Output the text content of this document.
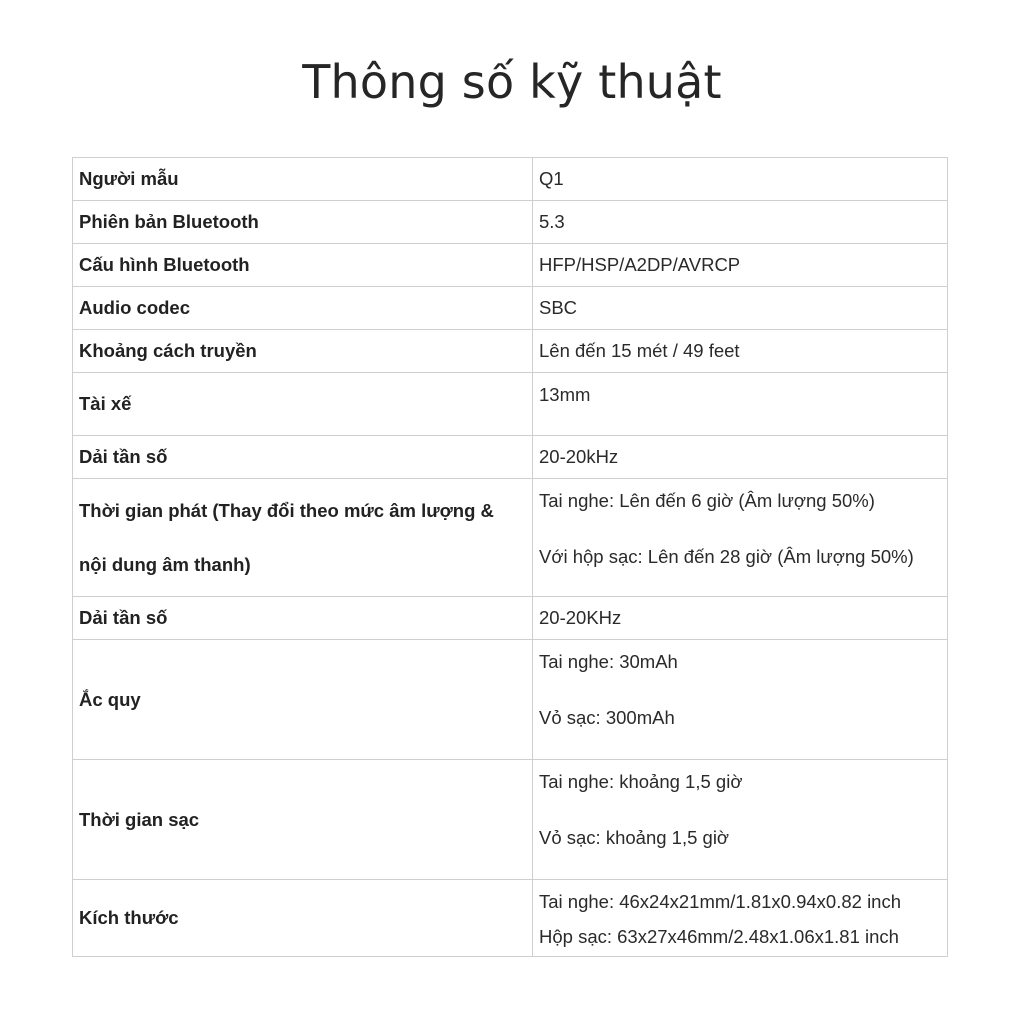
Thông số kỹ thuật
Người mẫu	Q1
Phiên bản Bluetooth	5.3
Cấu hình Bluetooth	HFP/HSP/A2DP/AVRCP
Audio codec	SBC
Khoảng cách truyền	Lên đến 15 mét / 49 feet
Tài xế	13mm
Dải tần số	20-20kHz

Thời gian phát (Thay đổi theo mức âm lượng &
nội dung âm thanh)	Tai nghe: Lên đến 6 giờ (Âm lượng 50%)
Với hộp sạc: Lên đến 28 giờ (Âm lượng 50%)

Dải tần số	20-20KHz
Ắc quy	Tai nghe: 30mAh
Vỏ sạc: 300mAh

Thời gian sạc	Tai nghe: khoảng 1,5 giờ
Vỏ sạc: khoảng 1,5 giờ

Kích thước	Tai nghe: 46x24x21mm/1.81x0.94x0.82 inch
Hộp sạc: 63x27x46mm/2.48x1.06x1.81 inch
